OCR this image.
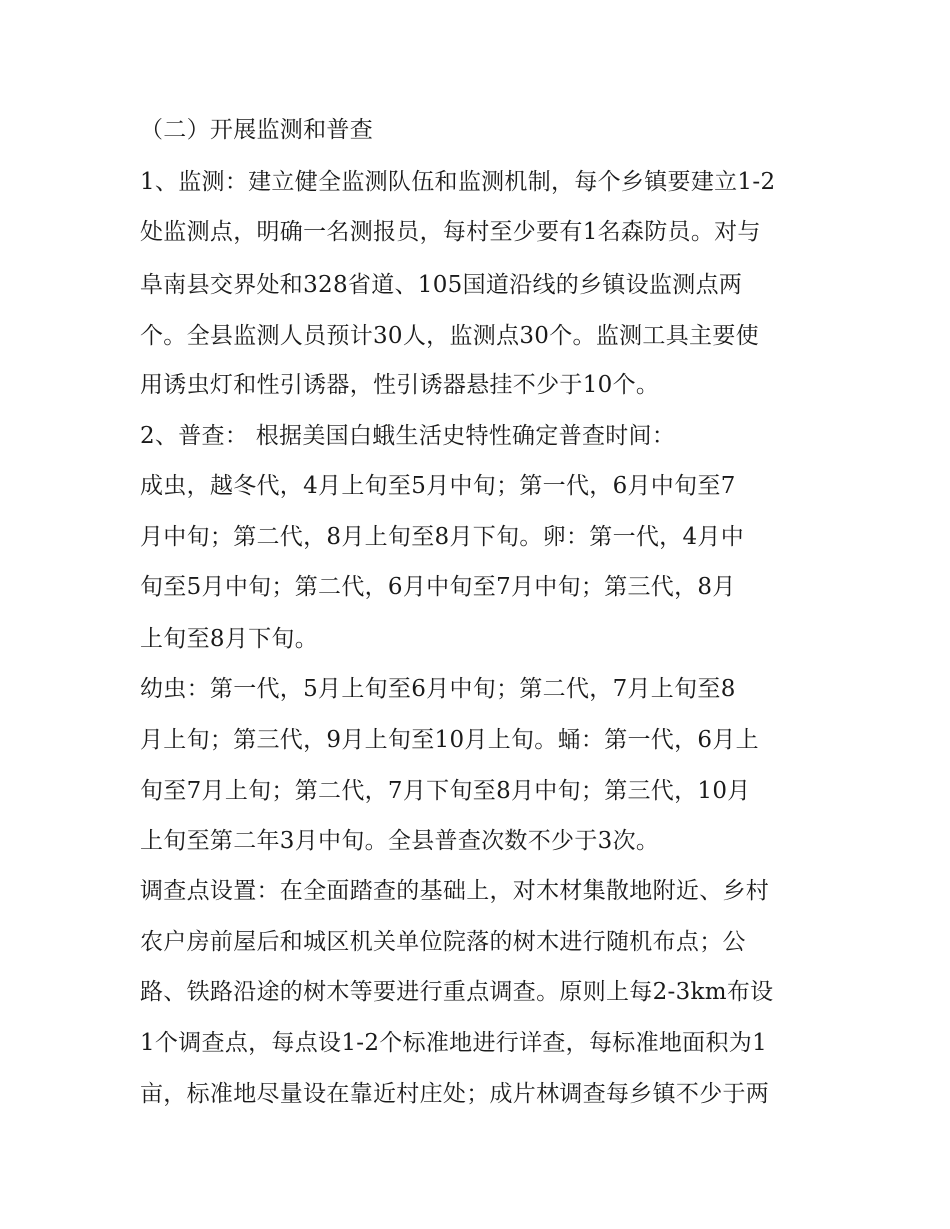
（二）开展监测和普查
1、监测：建立健全监测队伍和监测机制，每个乡镇要建立1-2
处监测点，明确一名测报员，每村至少要有1名森防员。对与
阜南县交界处和328省道、105国道沿线的乡镇设监测点两
个。全县监测人员预计30人，监测点30个。监测工具主要使
用诱虫灯和性引诱器，性引诱器悬挂不少于10个。
2、普查： 根据美国白蛾生活史特性确定普查时间：
成虫，越冬代，4月上旬至5月中旬；第一代，6月中旬至7
月中旬；第二代，8月上旬至8月下旬。卵：第一代，4月中
旬至5月中旬；第二代，6月中旬至7月中旬；第三代，8月
上旬至8月下旬。
幼虫：第一代，5月上旬至6月中旬；第二代，7月上旬至8
月上旬；第三代，9月上旬至10月上旬。蛹：第一代，6月上
旬至7月上旬；第二代，7月下旬至8月中旬；第三代，10月
上旬至第二年3月中旬。全县普查次数不少于3次。
调查点设置：在全面踏查的基础上，对木材集散地附近、乡村
农户房前屋后和城区机关单位院落的树木进行随机布点；公
路、铁路沿途的树木等要进行重点调查。原则上每2-3km布设
1个调查点，每点设1-2个标准地进行详查，每标准地面积为1
亩，标准地尽量设在靠近村庄处；成片林调查每乡镇不少于两
